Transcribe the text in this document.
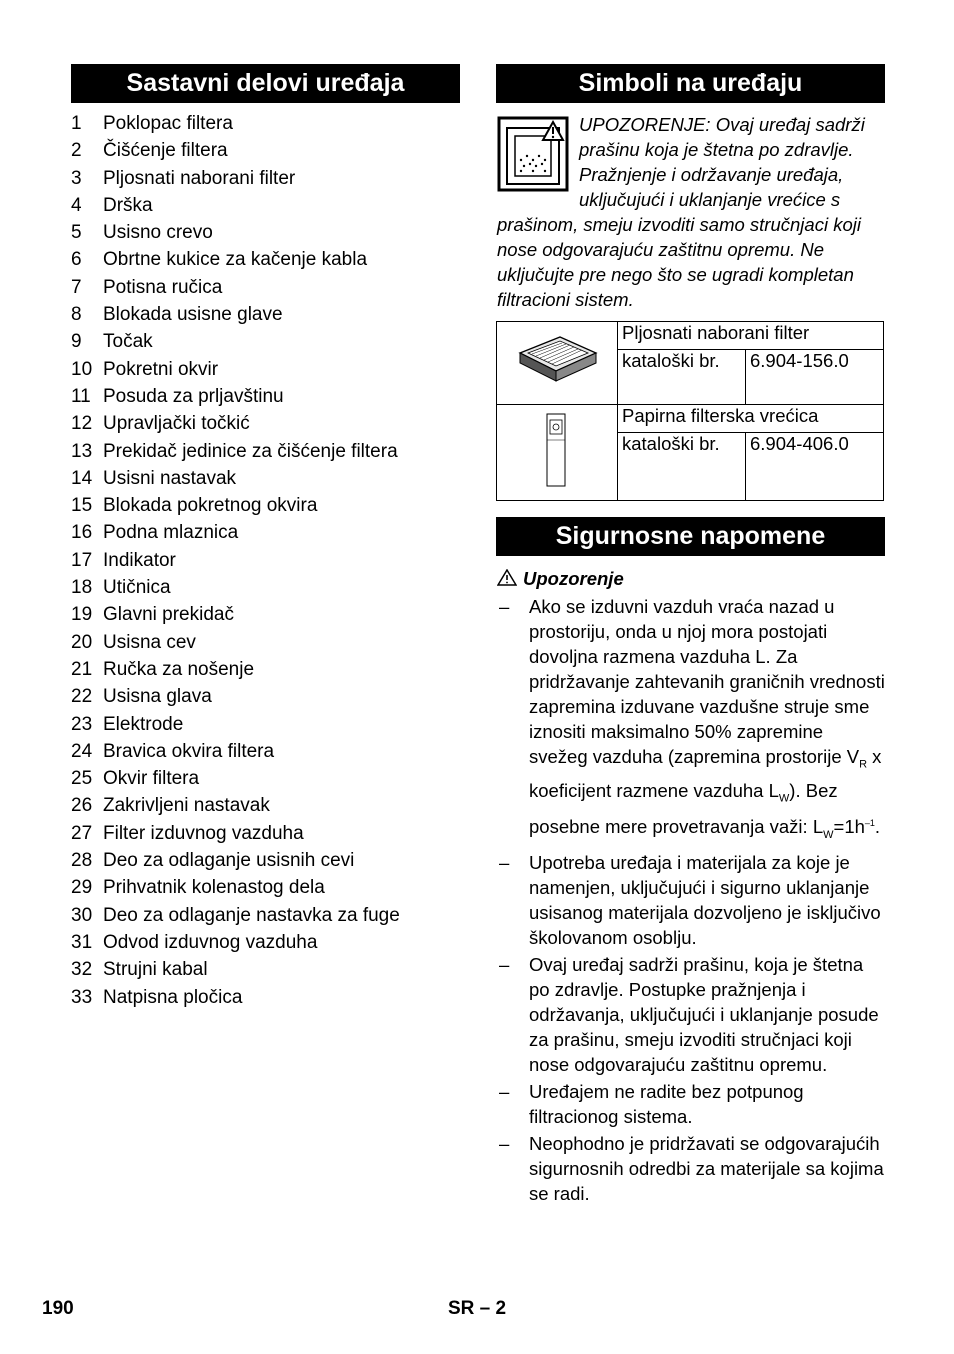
Sastavni delovi uređaja
1 Poklopac filtera
2 Čišćenje filtera
3 Pljosnati naborani filter
4 Drška
5 Usisno crevo
6 Obrtne kukice za kačenje kabla
7 Potisna ručica
8 Blokada usisne glave
9 Točak
10 Pokretni okvir
11 Posuda za prljavštinu
12 Upravljački točkić
13 Prekidač jedinice za čišćenje filtera
14 Usisni nastavak
15 Blokada pokretnog okvira
16 Podna mlaznica
17 Indikator
18 Utičnica
19 Glavni prekidač
20 Usisna cev
21 Ručka za nošenje
22 Usisna glava
23 Elektrode
24 Bravica okvira filtera
25 Okvir filtera
26 Zakrivljeni nastavak
27 Filter izduvnog vazduha
28 Deo za odlaganje usisnih cevi
29 Prihvatnik kolenastog dela
30 Deo za odlaganje nastavka za fuge
31 Odvod izduvnog vazduha
32 Strujni kabal
33 Natpisna pločica
Simboli na uređaju
UPOZORENJE: Ovaj uređaj sadrži prašinu koja je štetna po zdravlje. Pražnjenje i održavanje uređaja, uključujući i uklanjanje vrećice s prašinom, smeju izvoditi samo stručnjaci koji nose odgovarajuću zaštitnu opremu. Ne uključujte pre nego što se ugradi kompletan filtracioni sistem.
	Pljosnati naborani filter	
	kataloški br.	6.904-156.0
	Papirna filterska vrećica	
	kataloški br.	6.904-406.0
Sigurnosne napomene
Upozorenje
– Ako se izduvni vazduh vraća nazad u prostoriju, onda u njoj mora postojati dovoljna razmena vazduha L. Za pridržavanje zahtevanih graničnih vrednosti zapremina izduvane vazdušne struje sme iznositi maksimalno 50% zapremine svežeg vazduha (zapremina prostorije $V_R$ x koeficijent razmene vazduha $L_W$). Bez posebne mere provetravanja važi: $L_W=1h^{-1}$.
– Upotreba uređaja i materijala za koje je namenjen, uključujući i sigurno uklanjanje usisanog materijala dozvoljeno je isključivo školovanom osoblju.
– Ovaj uređaj sadrži prašinu, koja je štetna po zdravlje. Postupke pražnjenja i održavanja, uključujući i uklanjanje posude za prašinu, smeju izvoditi stručnjaci koji nose odgovarajuću zaštitnu opremu.
– Uređajem ne radite bez potpunog filtracionog sistema.
– Neophodno je pridržavati se odgovarajućih sigurnosnih odredbi za materijale sa kojima se radi.
190	SR – 2
